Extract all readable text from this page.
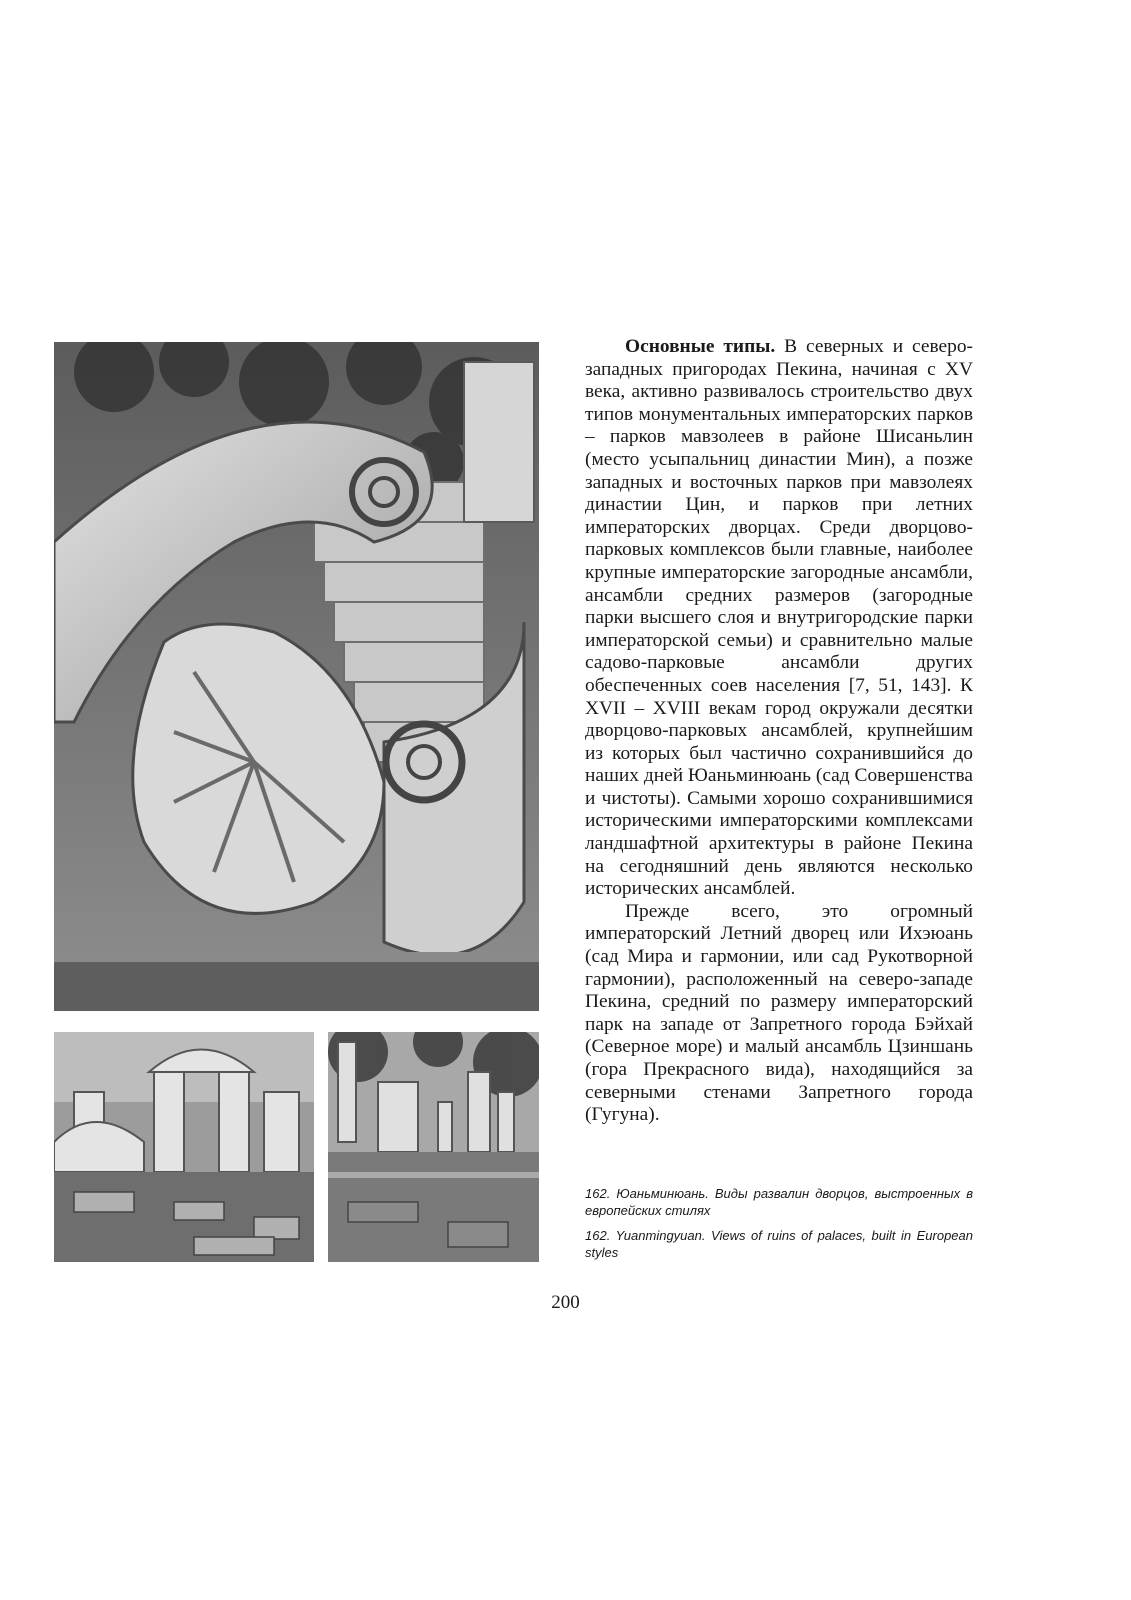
Основные типы. В северных и северо-западных пригородах Пекина, начиная с XV века, активно развивалось строительство двух типов монументальных императорских парков – парков мавзолеев в районе Шисаньлин (место усыпальниц династии Мин), а позже западных и восточных парков при мавзолеях династии Цин, и парков при летних императорских дворцах. Среди дворцово-парковых комплексов были главные, наиболее крупные императорские загородные ансамбли, ансамбли средних размеров (загородные парки высшего слоя и внутригородские парки императорской семьи) и сравнительно малые садово-парковые ансамбли других обеспеченных соев населения [7, 51, 143]. К XVII – XVIII векам город окружали десятки дворцово-парковых ансамблей, крупнейшим из которых был частично сохранившийся до наших дней Юаньминюань (сад Совершенства и чистоты). Самыми хорошо сохранившимися историческими императорскими комплексами ландшафтной архитектуры в районе Пекина на сегодняшний день являются несколько исторических ансамблей.

Прежде всего, это огромный императорский Летний дворец или Ихэюань (сад Мира и гармонии, или сад Рукотворной гармонии), расположенный на северо-западе Пекина, средний по размеру императорский парк на западе от Запретного города Бэйхай (Северное море) и малый ансамбль Цзиншань (гора Прекрасного вида), находящийся за северными стенами Запретного города (Гугуна).

162. Юаньминюань. Виды развалин дворцов, выстроенных в европейских стилях
162. Yuanmingyuan. Views of ruins of palaces, built in European styles
200
